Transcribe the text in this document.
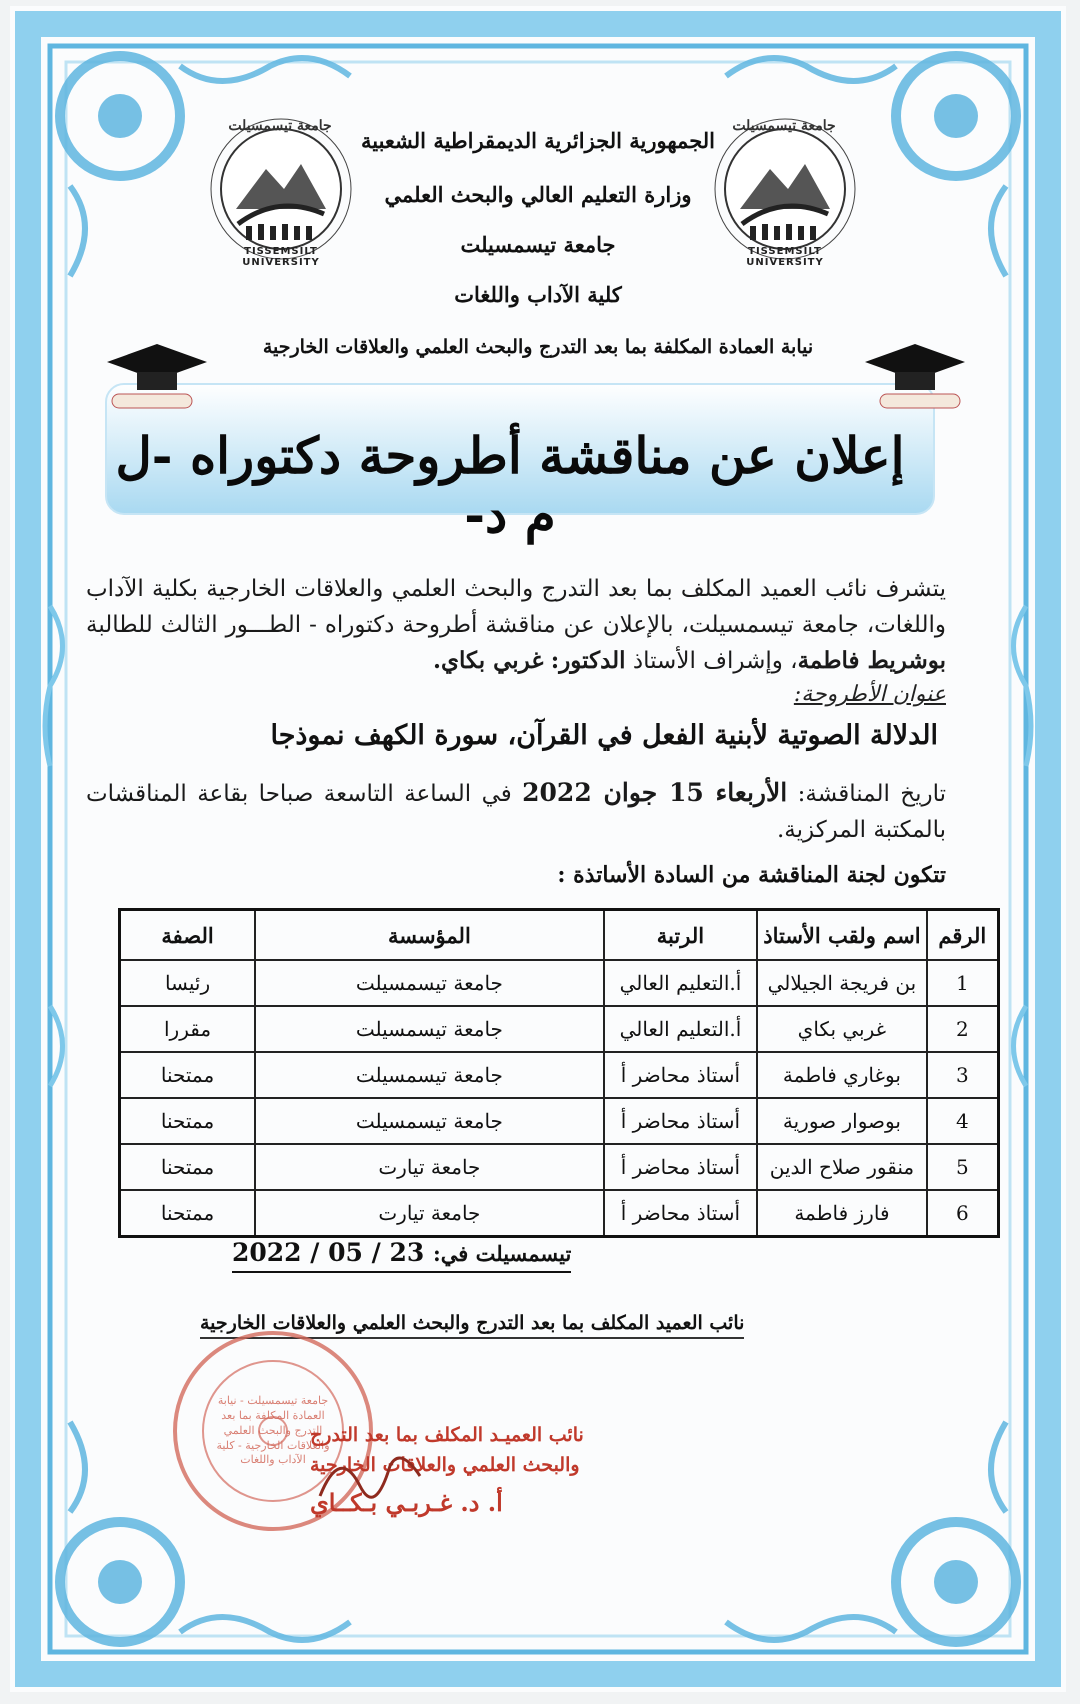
جامعة تيسمسيلت
TISSEMSILT UNIVERSITY
جامعة تيسمسيلت
TISSEMSILT UNIVERSITY
الجمهورية الجزائرية الديمقراطية الشعبية
وزارة التعليم العالي والبحث العلمي
جامعة تيسمسيلت
كلية الآداب واللغات
نيابة العمادة المكلفة بما بعد التدرج والبحث العلمي والعلاقات الخارجية
إعلان عن مناقشة أطروحة دكتوراه -ل م د-
يتشرف نائب العميد المكلف بما بعد التدرج والبحث العلمي والعلاقات الخارجية بكلية الآداب واللغات، جامعة تيسمسيلت، بالإعلان عن مناقشة أطروحة دكتوراه - الطـــور الثالث للطالبة بوشريط فاطمة، وإشراف الأستاذ الدكتور: غربي بكاي.
عنوان الأطروحة:
الدلالة الصوتية لأبنية الفعل في القرآن، سورة الكهف نموذجا
تاريخ المناقشة: الأربعاء 15 جوان 2022 في الساعة التاسعة صباحا بقاعة المناقشات بالمكتبة المركزية.
تتكون لجنة المناقشة من السادة الأساتذة :
الرقم	اسم ولقب الأستاذ	الرتبة	المؤسسة	الصفة
1	بن فريجة الجيلالي	أ.التعليم العالي	جامعة تيسمسيلت	رئيسا
2	غربي بكاي	أ.التعليم العالي	جامعة تيسمسيلت	مقررا
3	بوغاري فاطمة	أستاذ محاضر أ	جامعة تيسمسيلت	ممتحنا
4	بوصوار صورية	أستاذ محاضر أ	جامعة تيسمسيلت	ممتحنا
5	منقور صلاح الدين	أستاذ محاضر أ	جامعة تيارت	ممتحنا
6	فارز فاطمة	أستاذ محاضر أ	جامعة تيارت	ممتحنا
تيسمسيلت في: 23 / 05 / 2022
نائب العميد المكلف بما بعد التدرج والبحث العلمي والعلاقات الخارجية
جامعة تيسمسيلت - نيابة العمادة المكلفة بما بعد التدرج والبحث العلمي والعلاقات الخارجية - كلية الآداب واللغات
نائب العميـد المكلف بما بعد التدرج
والبحث العلمي والعلاقات الخارجية
أ. د. غـربـي بـكــاي
